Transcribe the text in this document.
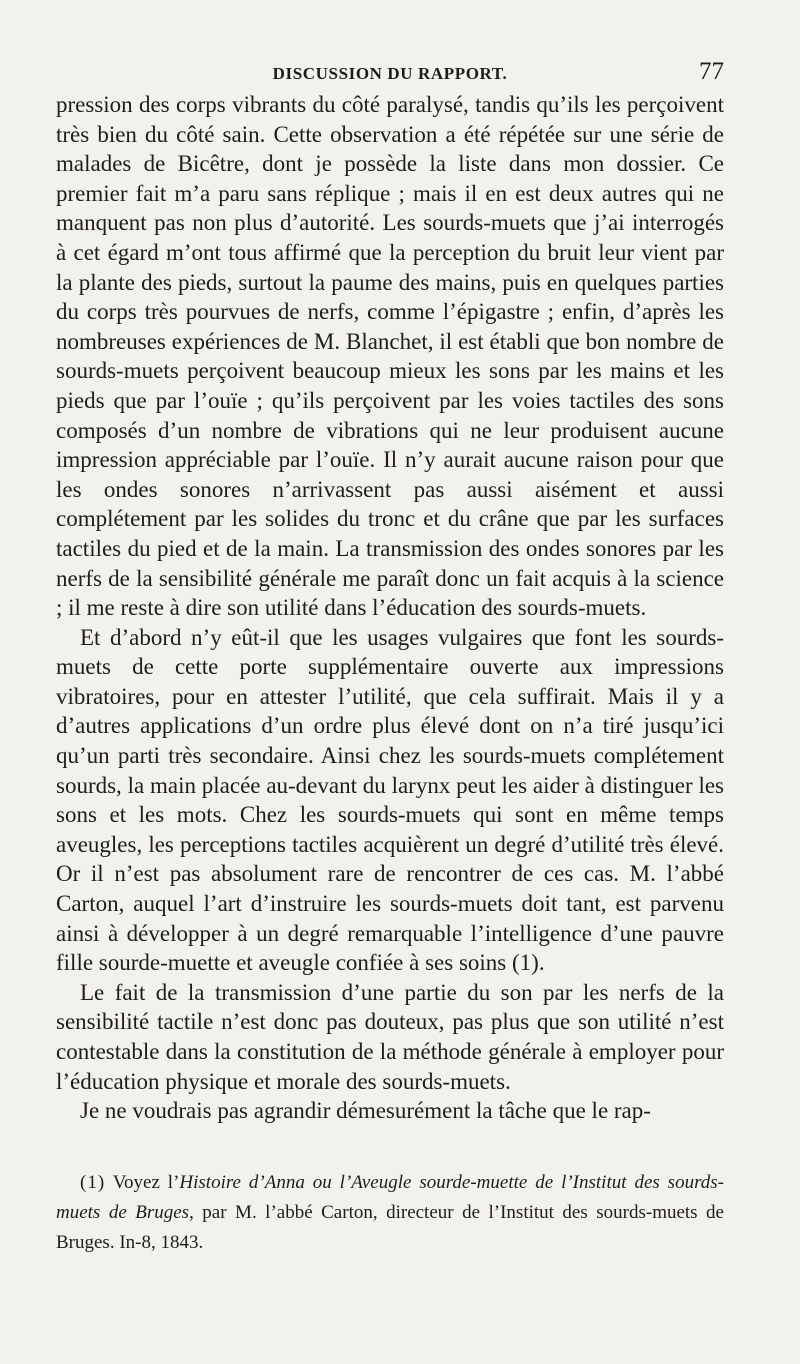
DISCUSSION DU RAPPORT.	77

pression des corps vibrants du côté paralysé, tandis qu’ils les perçoivent très bien du côté sain. Cette observation a été répétée sur une série de malades de Bicêtre, dont je possède la liste dans mon dossier. Ce premier fait m’a paru sans réplique ; mais il en est deux autres qui ne manquent pas non plus d’autorité. Les sourds-muets que j’ai interrogés à cet égard m’ont tous affirmé que la perception du bruit leur vient par la plante des pieds, surtout la paume des mains, puis en quelques parties du corps très pourvues de nerfs, comme l’épigastre ; enfin, d’après les nombreuses expériences de M. Blanchet, il est établi que bon nombre de sourds-muets perçoivent beaucoup mieux les sons par les mains et les pieds que par l’ouïe ; qu’ils perçoivent par les voies tactiles des sons composés d’un nombre de vibrations qui ne leur produisent aucune impression appréciable par l’ouïe. Il n’y aurait aucune raison pour que les ondes sonores n’arrivassent pas aussi aisément et aussi complétement par les solides du tronc et du crâne que par les surfaces tactiles du pied et de la main. La transmission des ondes sonores par les nerfs de la sensibilité générale me paraît donc un fait acquis à la science ; il me reste à dire son utilité dans l’éducation des sourds-muets.

Et d’abord n’y eût-il que les usages vulgaires que font les sourds-muets de cette porte supplémentaire ouverte aux impressions vibratoires, pour en attester l’utilité, que cela suffirait. Mais il y a d’autres applications d’un ordre plus élevé dont on n’a tiré jusqu’ici qu’un parti très secondaire. Ainsi chez les sourds-muets complétement sourds, la main placée au-devant du larynx peut les aider à distinguer les sons et les mots. Chez les sourds-muets qui sont en même temps aveugles, les perceptions tactiles acquièrent un degré d’utilité très élevé. Or il n’est pas absolument rare de rencontrer de ces cas. M. l’abbé Carton, auquel l’art d’instruire les sourds-muets doit tant, est parvenu ainsi à développer à un degré remarquable l’intelligence d’une pauvre fille sourde-muette et aveugle confiée à ses soins (1).

Le fait de la transmission d’une partie du son par les nerfs de la sensibilité tactile n’est donc pas douteux, pas plus que son utilité n’est contestable dans la constitution de la méthode générale à employer pour l’éducation physique et morale des sourds-muets.

Je ne voudrais pas agrandir démesurément la tâche que le rap-

(1) Voyez l’Histoire d’Anna ou l’Aveugle sourde-muette de l’Institut des sourds-muets de Bruges, par M. l’abbé Carton, directeur de l’Institut des sourds-muets de Bruges. In-8, 1843.
